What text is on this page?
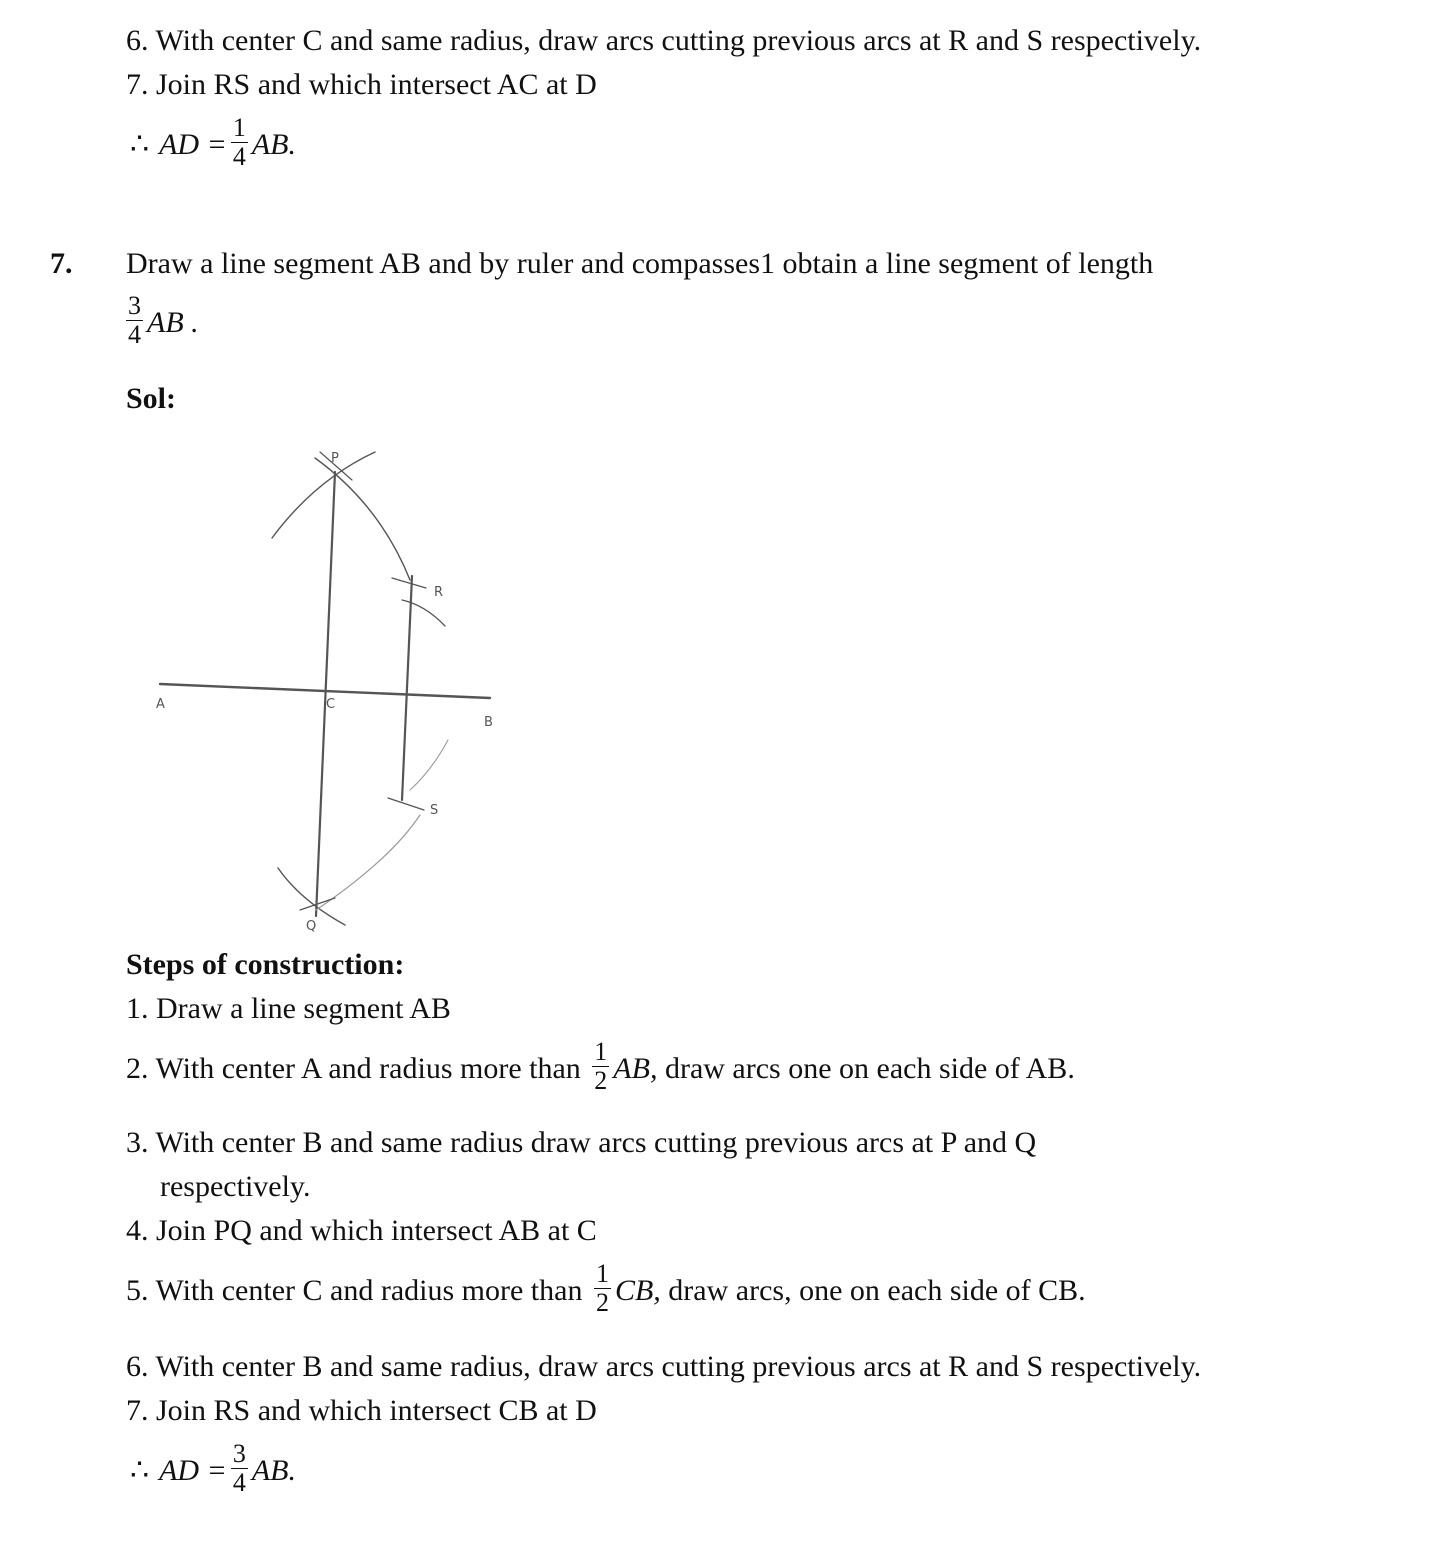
6. With center C and same radius, draw arcs cutting previous arcs at R and S respectively.
7. Join RS and which intersect AC at D
∴ AD = $\frac{1}{4}$ AB.
7. Draw a line segment AB and by ruler and compasses1 obtain a line segment of length
$\frac{3}{4}$ AB .
Sol:
P
R
A	C
B
S
Q
Steps of construction:
1. Draw a line segment AB
2. With center A and radius more than $\frac{1}{2}$ AB, draw arcs one on each side of AB.
3. With center B and same radius draw arcs cutting previous arcs at P and Q
respectively.
4. Join PQ and which intersect AB at C
5. With center C and radius more than $\frac{1}{2}$ CB, draw arcs, one on each side of CB.
6. With center B and same radius, draw arcs cutting previous arcs at R and S respectively.
7. Join RS and which intersect CB at D
∴ AD = $\frac{3}{4}$ AB.
